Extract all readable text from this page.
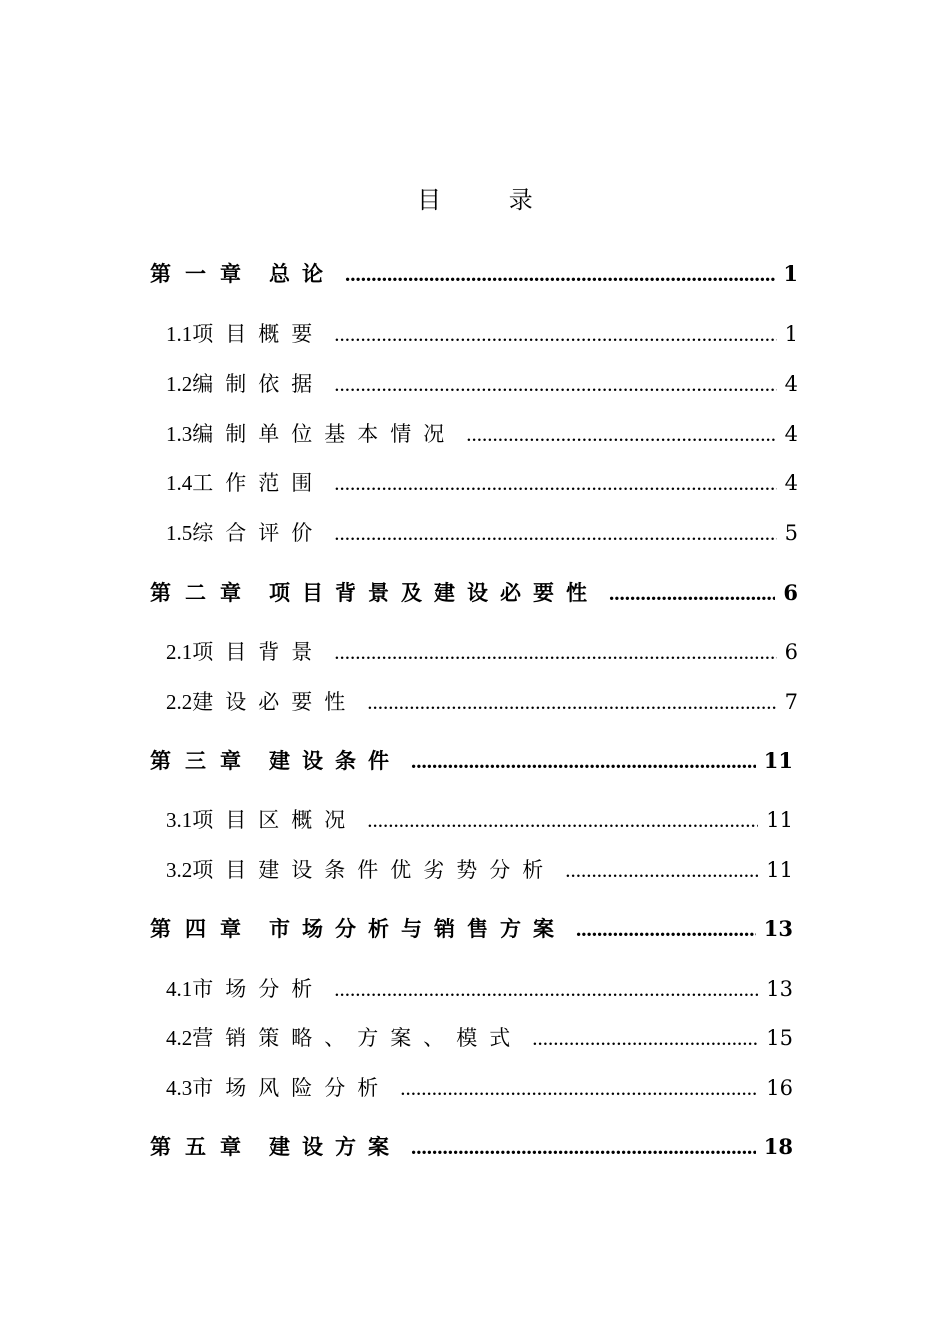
目 录
第一章 总论 .....	1
1.1项目概要 .....	1
1.2编制依据 .....	4
1.3编制单位基本情况 .....	4
1.4工作范围 .....	4
1.5综合评价 .....	5
第二章 项目背景及建设必要性 .....	6
2.1项目背景 .....	6
2.2建设必要性 .....	7
第三章 建设条件 .....	11
3.1项目区概况 .....	11
3.2项目建设条件优劣势分析 .....	11
第四章 市场分析与销售方案 .....	13
4.1市场分析 .....	13
4.2营销策略、方案、模式 .....	15
4.3市场风险分析 .....	16
第五章 建设方案 .....	18
